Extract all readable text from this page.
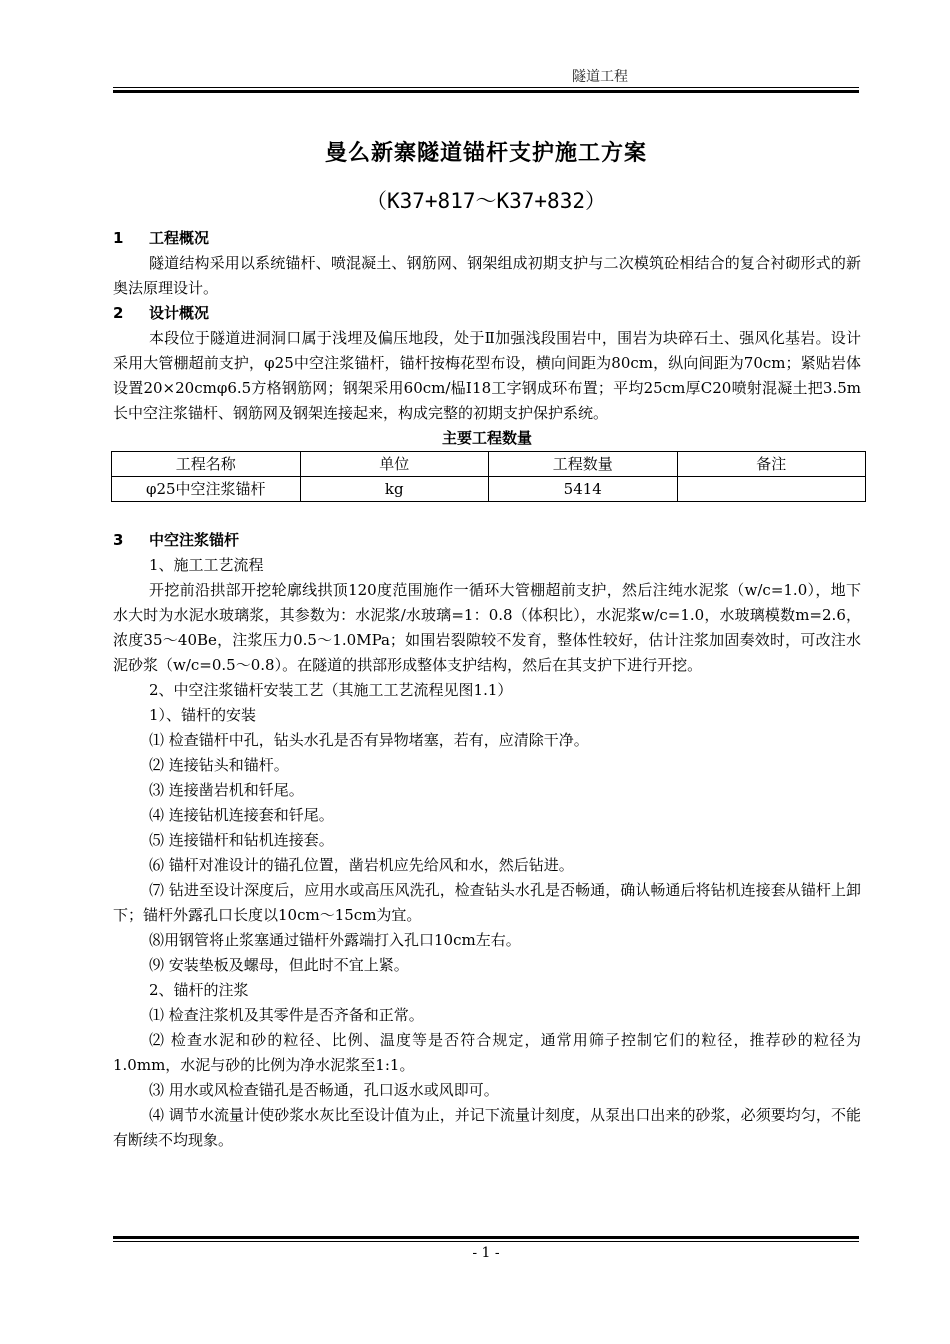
隧道工程
曼么新寨隧道锚杆支护施工方案
（K37+817～K37+832）
1 工程概况
隧道结构采用以系统锚杆、喷混凝土、钢筋网、钢架组成初期支护与二次模筑砼相结合的复合衬砌形式的新奥法原理设计。
2 设计概况
本段位于隧道进洞洞口属于浅埋及偏压地段，处于Ⅱ加强浅段围岩中，围岩为块碎石土、强风化基岩。设计采用大管棚超前支护，φ25中空注浆锚杆，锚杆按梅花型布设，横向间距为80cm，纵向间距为70cm；紧贴岩体设置20×20cmφ6.5方格钢筋网；钢架采用60cm/榀Ⅰ18工字钢成环布置；平均25cm厚C20喷射混凝土把3.5m长中空注浆锚杆、钢筋网及钢架连接起来，构成完整的初期支护保护系统。
主要工程数量
工程名称	单位	工程数量	备注
φ25中空注浆锚杆	kg	5414	
3 中空注浆锚杆
1、施工工艺流程
开挖前沿拱部开挖轮廓线拱顶120度范围施作一循环大管棚超前支护，然后注纯水泥浆（w/c=1.0），地下水大时为水泥水玻璃浆，其参数为：水泥浆/水玻璃=1：0.8（体积比），水泥浆w/c=1.0，水玻璃模数m=2.6，浓度35～40Be，注浆压力0.5～1.0MPa；如围岩裂隙较不发育，整体性较好，估计注浆加固奏效时，可改注水泥砂浆（w/c=0.5～0.8）。在隧道的拱部形成整体支护结构，然后在其支护下进行开挖。
2、中空注浆锚杆安装工艺（其施工工艺流程见图1.1）
1）、锚杆的安装
⑴ 检查锚杆中孔，钻头水孔是否有异物堵塞，若有，应清除干净。
⑵ 连接钻头和锚杆。
⑶ 连接凿岩机和钎尾。
⑷ 连接钻机连接套和钎尾。
⑸ 连接锚杆和钻机连接套。
⑹ 锚杆对准设计的锚孔位置，凿岩机应先给风和水，然后钻进。
⑺ 钻进至设计深度后，应用水或高压风洗孔，检查钻头水孔是否畅通，确认畅通后将钻机连接套从锚杆上卸下；锚杆外露孔口长度以10cm～15cm为宜。
⑻用钢管将止浆塞通过锚杆外露端打入孔口10cm左右。
⑼ 安装垫板及螺母，但此时不宜上紧。
2、锚杆的注浆
⑴ 检查注浆机及其零件是否齐备和正常。
⑵ 检查水泥和砂的粒径、比例、温度等是否符合规定，通常用筛子控制它们的粒径，推荐砂的粒径为1.0mm，水泥与砂的比例为净水泥浆至1:1。
⑶ 用水或风检查锚孔是否畅通，孔口返水或风即可。
⑷ 调节水流量计使砂浆水灰比至设计值为止，并记下流量计刻度，从泵出口出来的砂浆，必须要均匀，不能有断续不均现象。
- 1 -
